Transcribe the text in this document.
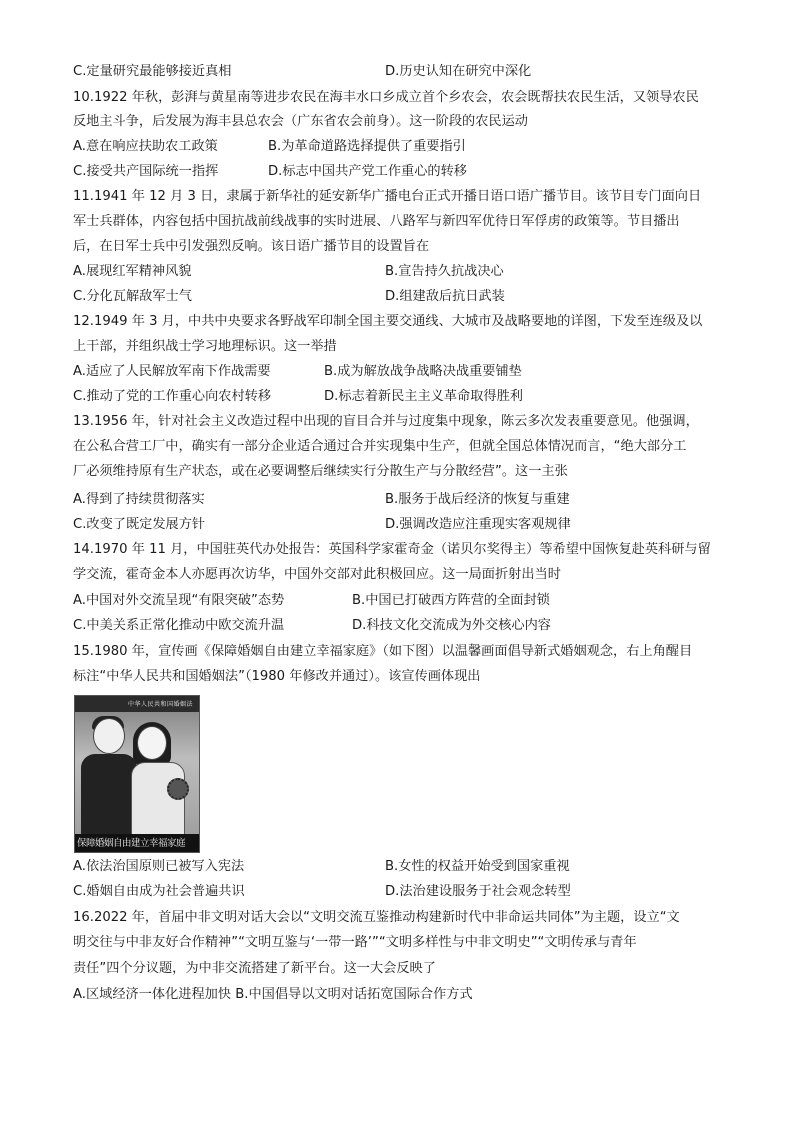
C.定量研究最能够接近真相	D.历史认知在研究中深化
10.1922 年秋，彭湃与黄星南等进步农民在海丰水口乡成立首个乡农会，农会既帮扶农民生活，又领导农民
反地主斗争，后发展为海丰县总农会（广东省农会前身）。这一阶段的农民运动
A.意在响应扶助农工政策	B.为革命道路选择提供了重要指引
C.接受共产国际统一指挥	D.标志中国共产党工作重心的转移
11.1941 年 12 月 3 日，隶属于新华社的延安新华广播电台正式开播日语口语广播节目。该节目专门面向日
军士兵群体，内容包括中国抗战前线战事的实时进展、八路军与新四军优待日军俘虏的政策等。节目播出
后，在日军士兵中引发强烈反响。该日语广播节目的设置旨在
A.展现红军精神风貌	B.宣告持久抗战决心
C.分化瓦解敌军士气	D.组建敌后抗日武装
12.1949 年 3 月，中共中央要求各野战军印制全国主要交通线、大城市及战略要地的详图，下发至连级及以
上干部，并组织战士学习地理标识。这一举措
A.适应了人民解放军南下作战需要	B.成为解放战争战略决战重要铺垫
C.推动了党的工作重心向农村转移	D.标志着新民主主义革命取得胜利
13.1956 年，针对社会主义改造过程中出现的盲目合并与过度集中现象，陈云多次发表重要意见。他强调，
在公私合营工厂中，确实有一部分企业适合通过合并实现集中生产，但就全国总体情况而言，“绝大部分工
厂必须维持原有生产状态，或在必要调整后继续实行分散生产与分散经营”。这一主张
A.得到了持续贯彻落实	B.服务于战后经济的恢复与重建
C.改变了既定发展方针	D.强调改造应注重现实客观规律
14.1970 年 11 月，中国驻英代办处报告：英国科学家霍奇金（诺贝尔奖得主）等希望中国恢复赴英科研与留
学交流，霍奇金本人亦愿再次访华，中国外交部对此积极回应。这一局面折射出当时
A.中国对外交流呈现“有限突破”态势	B.中国已打破西方阵营的全面封锁
C.中美关系正常化推动中欧交流升温	D.科技文化交流成为外交核心内容
15.1980 年，宣传画《保障婚姻自由建立幸福家庭》（如下图）以温馨画面倡导新式婚姻观念，右上角醒目
标注“中华人民共和国婚姻法”（1980 年修改并通过）。该宣传画体现出
中华人民共和国婚姻法
保障婚姻自由建立幸福家庭
A.依法治国原则已被写入宪法	B.女性的权益开始受到国家重视
C.婚姻自由成为社会普遍共识	D.法治建设服务于社会观念转型
16.2022 年，首届中非文明对话大会以“文明交流互鉴推动构建新时代中非命运共同体”为主题，设立“文
明交往与中非友好合作精神”“文明互鉴与‘一带一路’”“文明多样性与中非文明史”“文明传承与青年
责任”四个分议题，为中非交流搭建了新平台。这一大会反映了
A.区域经济一体化进程加快 B.中国倡导以文明对话拓宽国际合作方式
